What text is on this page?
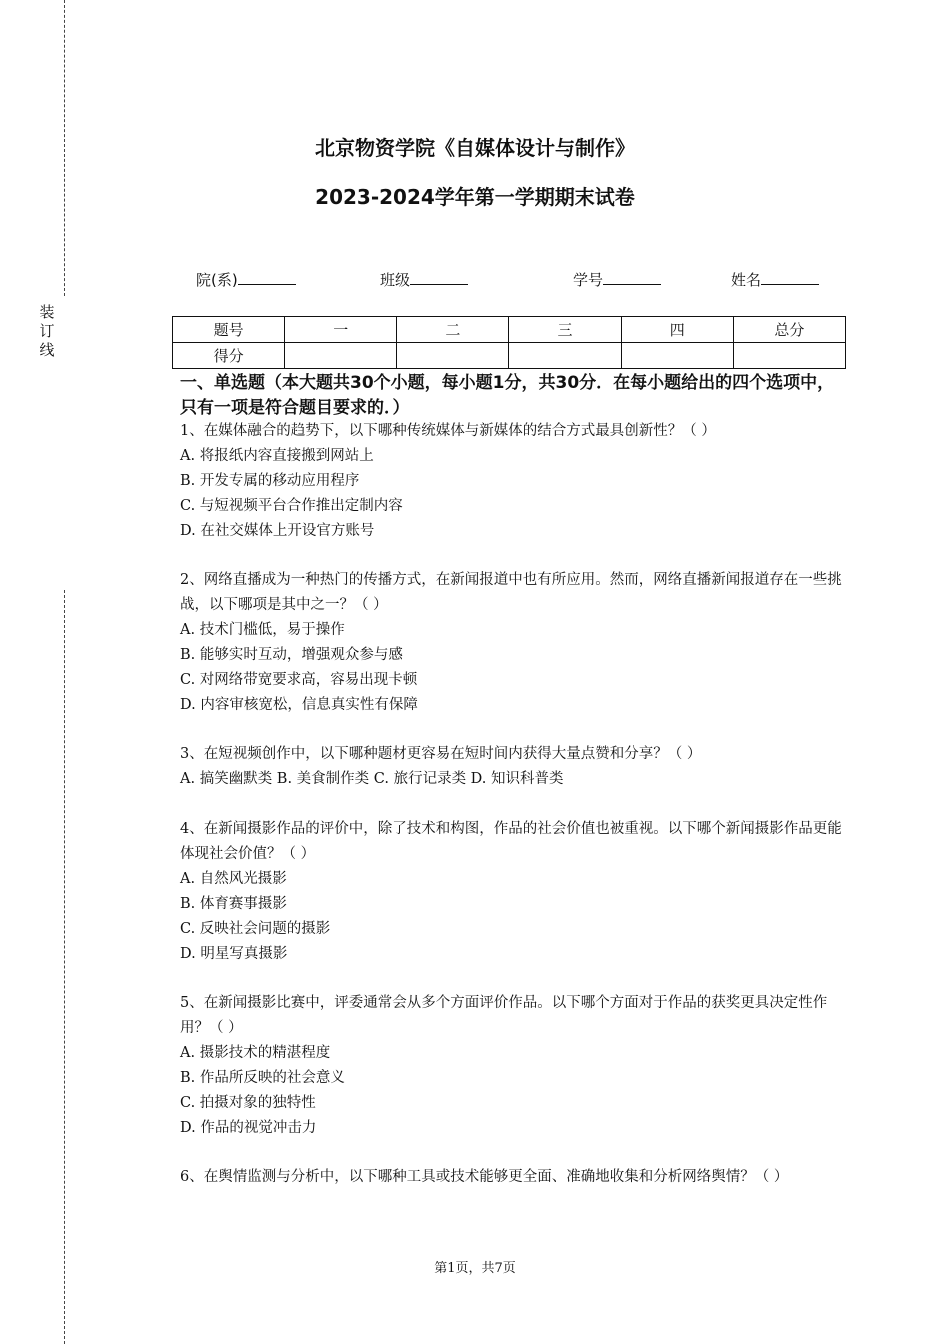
装
订
线
北京物资学院《自媒体设计与制作》
2023-2024学年第一学期期末试卷
院(系)	班级	学号	姓名
题号	一	二	三	四	总分
得分					
一、单选题（本大题共30个小题，每小题1分，共30分．在每小题给出的四个选项中，只有一项是符合题目要求的．）

1、在媒体融合的趋势下，以下哪种传统媒体与新媒体的结合方式最具创新性？（ ）

A. 将报纸内容直接搬到网站上

B. 开发专属的移动应用程序

C. 与短视频平台合作推出定制内容

D. 在社交媒体上开设官方账号

2、网络直播成为一种热门的传播方式，在新闻报道中也有所应用。然而，网络直播新闻报道存在一些挑战，以下哪项是其中之一？（ ）

A. 技术门槛低，易于操作

B. 能够实时互动，增强观众参与感

C. 对网络带宽要求高，容易出现卡顿

D. 内容审核宽松，信息真实性有保障

3、在短视频创作中，以下哪种题材更容易在短时间内获得大量点赞和分享？（ ）

A. 搞笑幽默类 B. 美食制作类 C. 旅行记录类 D. 知识科普类

4、在新闻摄影作品的评价中，除了技术和构图，作品的社会价值也被重视。以下哪个新闻摄影作品更能体现社会价值？（ ）

A. 自然风光摄影

B. 体育赛事摄影

C. 反映社会问题的摄影

D. 明星写真摄影

5、在新闻摄影比赛中，评委通常会从多个方面评价作品。以下哪个方面对于作品的获奖更具决定性作用？（ ）

A. 摄影技术的精湛程度

B. 作品所反映的社会意义

C. 拍摄对象的独特性

D. 作品的视觉冲击力

6、在舆情监测与分析中，以下哪种工具或技术能够更全面、准确地收集和分析网络舆情？（ ）

第1页，共7页
